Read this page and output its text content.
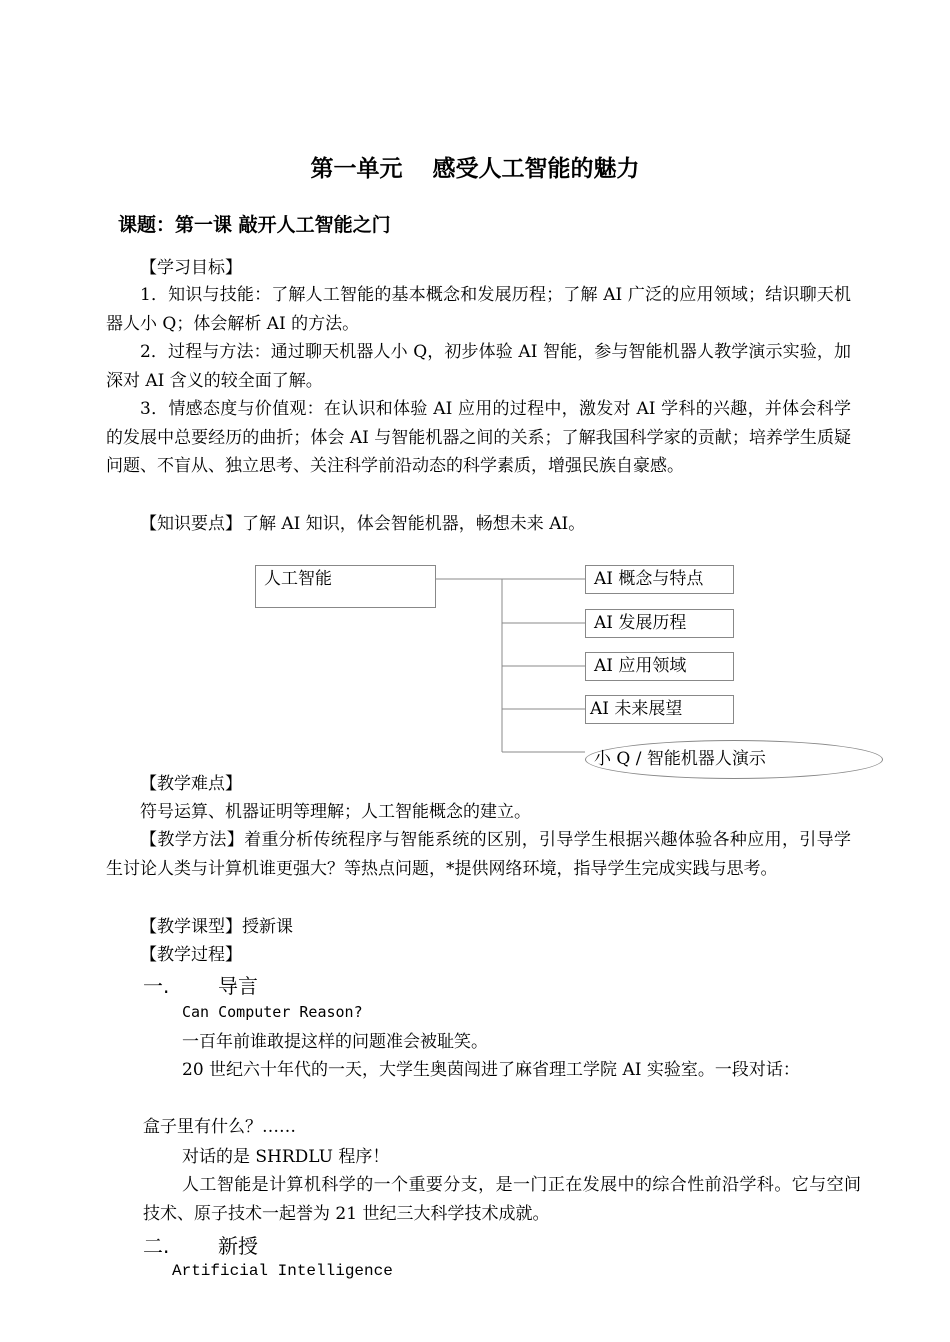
第一单元 感受人工智能的魅力
课题：第一课 敲开人工智能之门
【学习目标】
1．知识与技能：了解人工智能的基本概念和发展历程；了解 AI 广泛的应用领域；结识聊天机器人小 Q；体会解析 AI 的方法。
2．过程与方法：通过聊天机器人小 Q，初步体验 AI 智能，参与智能机器人教学演示实验，加深对 AI 含义的较全面了解。
3．情感态度与价值观：在认识和体验 AI 应用的过程中，激发对 AI 学科的兴趣，并体会科学的发展中总要经历的曲折；体会 AI 与智能机器之间的关系；了解我国科学家的贡献；培养学生质疑问题、不盲从、独立思考、关注科学前沿动态的科学素质，增强民族自豪感。
【知识要点】了解 AI 知识，体会智能机器，畅想未来 AI。
人工智能	AI 概念与特点
AI 发展历程
AI 应用领域
AI 未来展望
小 Q / 智能机器人演示
【教学难点】
符号运算、机器证明等理解；人工智能概念的建立。
【教学方法】着重分析传统程序与智能系统的区别，引导学生根据兴趣体验各种应用，引导学生讨论人类与计算机谁更强大？等热点问题，*提供网络环境，指导学生完成实践与思考。
【教学课型】授新课
【教学过程】
一. 导言
Can Computer Reason?
一百年前谁敢提这样的问题准会被耻笑。
20 世纪六十年代的一天，大学生奥茵闯进了麻省理工学院 AI 实验室。一段对话：
盒子里有什么？……
对话的是 SHRDLU 程序！
人工智能是计算机科学的一个重要分支，是一门正在发展中的综合性前沿学科。它与空间技术、原子技术一起誉为 21 世纪三大科学技术成就。
二. 新授
Artificial Intelligence
